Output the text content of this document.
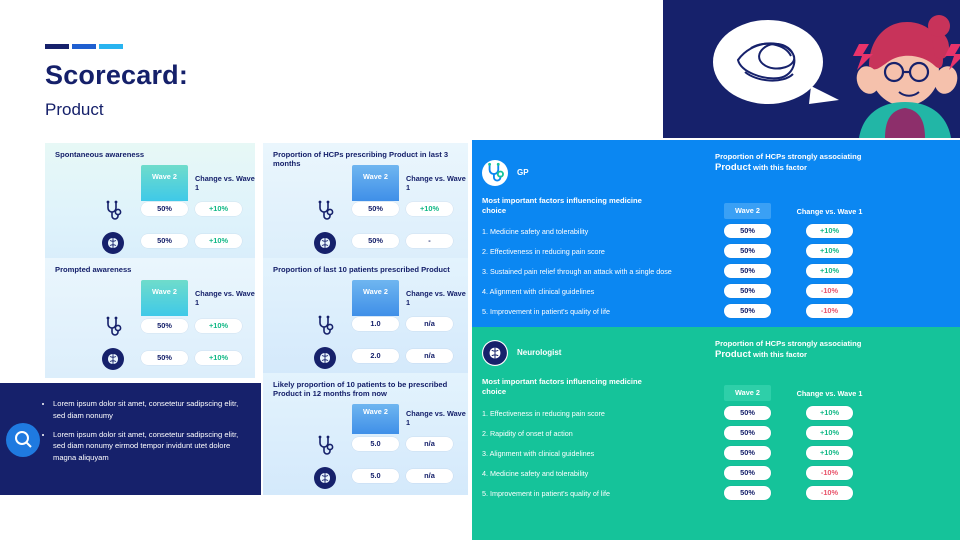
Scorecard:
Product
Spontaneous awareness
Wave 2	Change vs. Wave 1
50%	+10%
50%	+10%
Prompted awareness
Wave 2	Change vs. Wave 1
50%	+10%
50%	+10%
Proportion of HCPs prescribing Product in last 3 months
Wave 2	Change vs. Wave 1
50%	+10%
50%	-
Proportion of last 10 patients prescribed Product
Wave 2	Change vs. Wave 1
1.0	n/a
2.0	n/a
Likely proportion of 10 patients to be prescribed Product in 12 months from now
Wave 2	Change vs. Wave 1
5.0	n/a
5.0	n/a
• Lorem ipsum dolor sit amet, consetetur sadipscing elitr, sed diam nonumy
• Lorem ipsum dolor sit amet, consetetur sadipscing elitr, sed diam nonumy eirmod tempor invidunt utet dolore magna aliquyam
GP
Most important factors influencing medicine choice
Proportion of HCPs strongly associating
Product with this factor
Wave 2	Change vs. Wave 1
1. Medicine safety and tolerability	50%	+10%
2. Effectiveness in reducing pain score	50%	+10%
3. Sustained pain relief through an attack with a single dose	50%	+10%
4. Alignment with clinical guidelines	50%	-10%
5. Improvement in patient's quality of life	50%	-10%
Neurologist
Most important factors influencing medicine choice
Proportion of HCPs strongly associating
Product with this factor
Wave 2	Change vs. Wave 1
1. Effectiveness in reducing pain score	50%	+10%
2. Rapidity of onset of action	50%	+10%
3. Alignment with clinical guidelines	50%	+10%
4. Medicine safety and tolerability	50%	-10%
5. Improvement in patient's quality of life	50%	-10%
